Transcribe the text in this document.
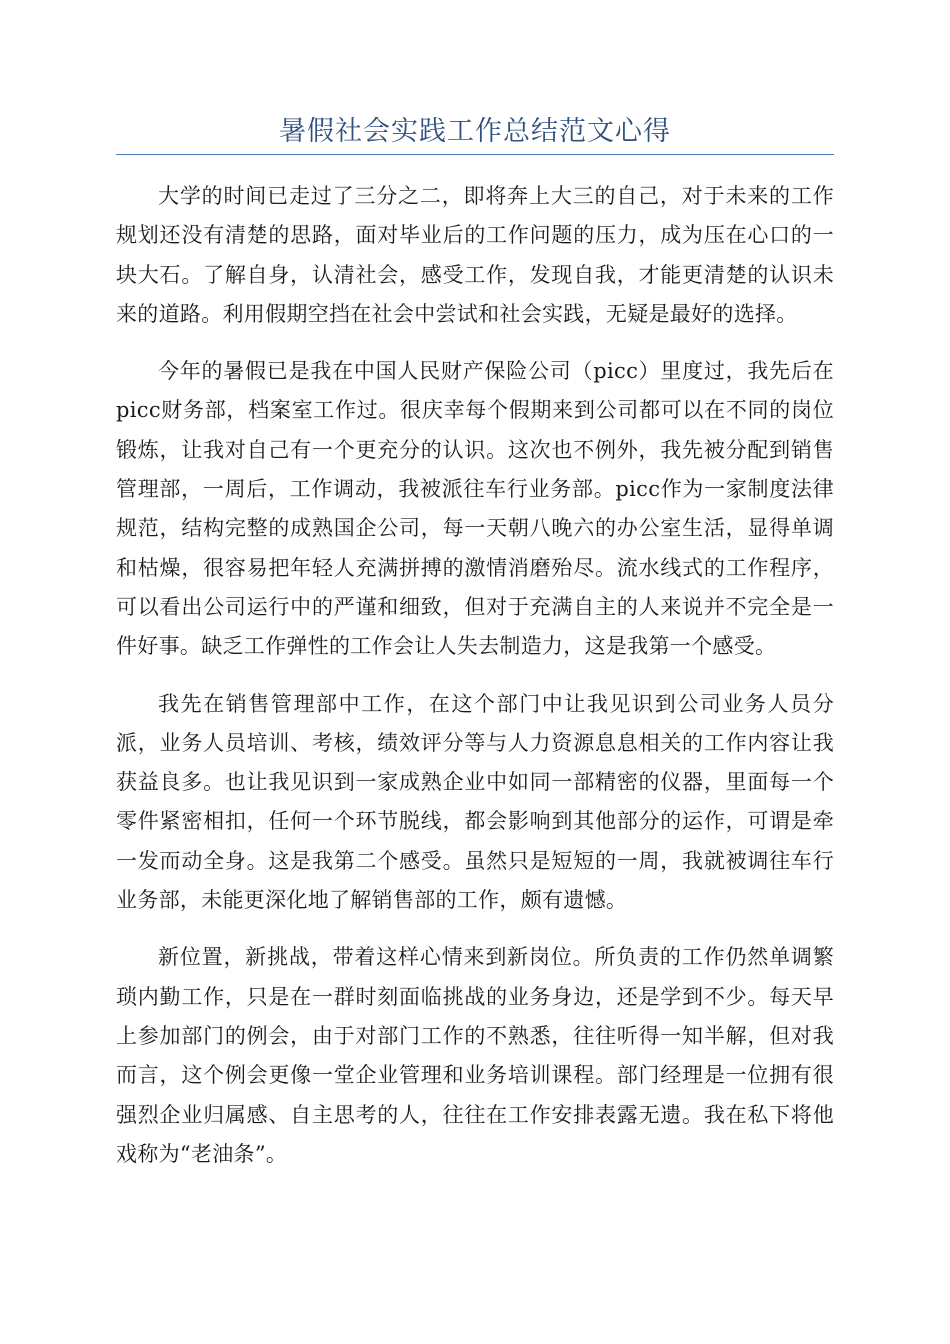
暑假社会实践工作总结范文心得

大学的时间已走过了三分之二，即将奔上大三的自己，对于未来的工作规划还没有清楚的思路，面对毕业后的工作问题的压力，成为压在心口的一块大石。了解自身，认清社会，感受工作，发现自我，才能更清楚的认识未来的道路。利用假期空挡在社会中尝试和社会实践，无疑是最好的选择。

今年的暑假已是我在中国人民财产保险公司（picc）里度过，我先后在picc财务部，档案室工作过。很庆幸每个假期来到公司都可以在不同的岗位锻炼，让我对自己有一个更充分的认识。这次也不例外，我先被分配到销售管理部，一周后，工作调动，我被派往车行业务部。picc作为一家制度法律规范，结构完整的成熟国企公司，每一天朝八晚六的办公室生活，显得单调和枯燥，很容易把年轻人充满拼搏的激情消磨殆尽。流水线式的工作程序，可以看出公司运行中的严谨和细致，但对于充满自主的人来说并不完全是一件好事。缺乏工作弹性的工作会让人失去制造力，这是我第一个感受。

我先在销售管理部中工作，在这个部门中让我见识到公司业务人员分派，业务人员培训、考核，绩效评分等与人力资源息息相关的工作内容让我获益良多。也让我见识到一家成熟企业中如同一部精密的仪器，里面每一个零件紧密相扣，任何一个环节脱线，都会影响到其他部分的运作，可谓是牵一发而动全身。这是我第二个感受。虽然只是短短的一周，我就被调往车行业务部，未能更深化地了解销售部的工作，颇有遗憾。

新位置，新挑战，带着这样心情来到新岗位。所负责的工作仍然单调繁琐内勤工作，只是在一群时刻面临挑战的业务身边，还是学到不少。每天早上参加部门的例会，由于对部门工作的不熟悉，往往听得一知半解，但对我而言，这个例会更像一堂企业管理和业务培训课程。部门经理是一位拥有很强烈企业归属感、自主思考的人，往往在工作安排表露无遗。我在私下将他戏称为“老油条”。
